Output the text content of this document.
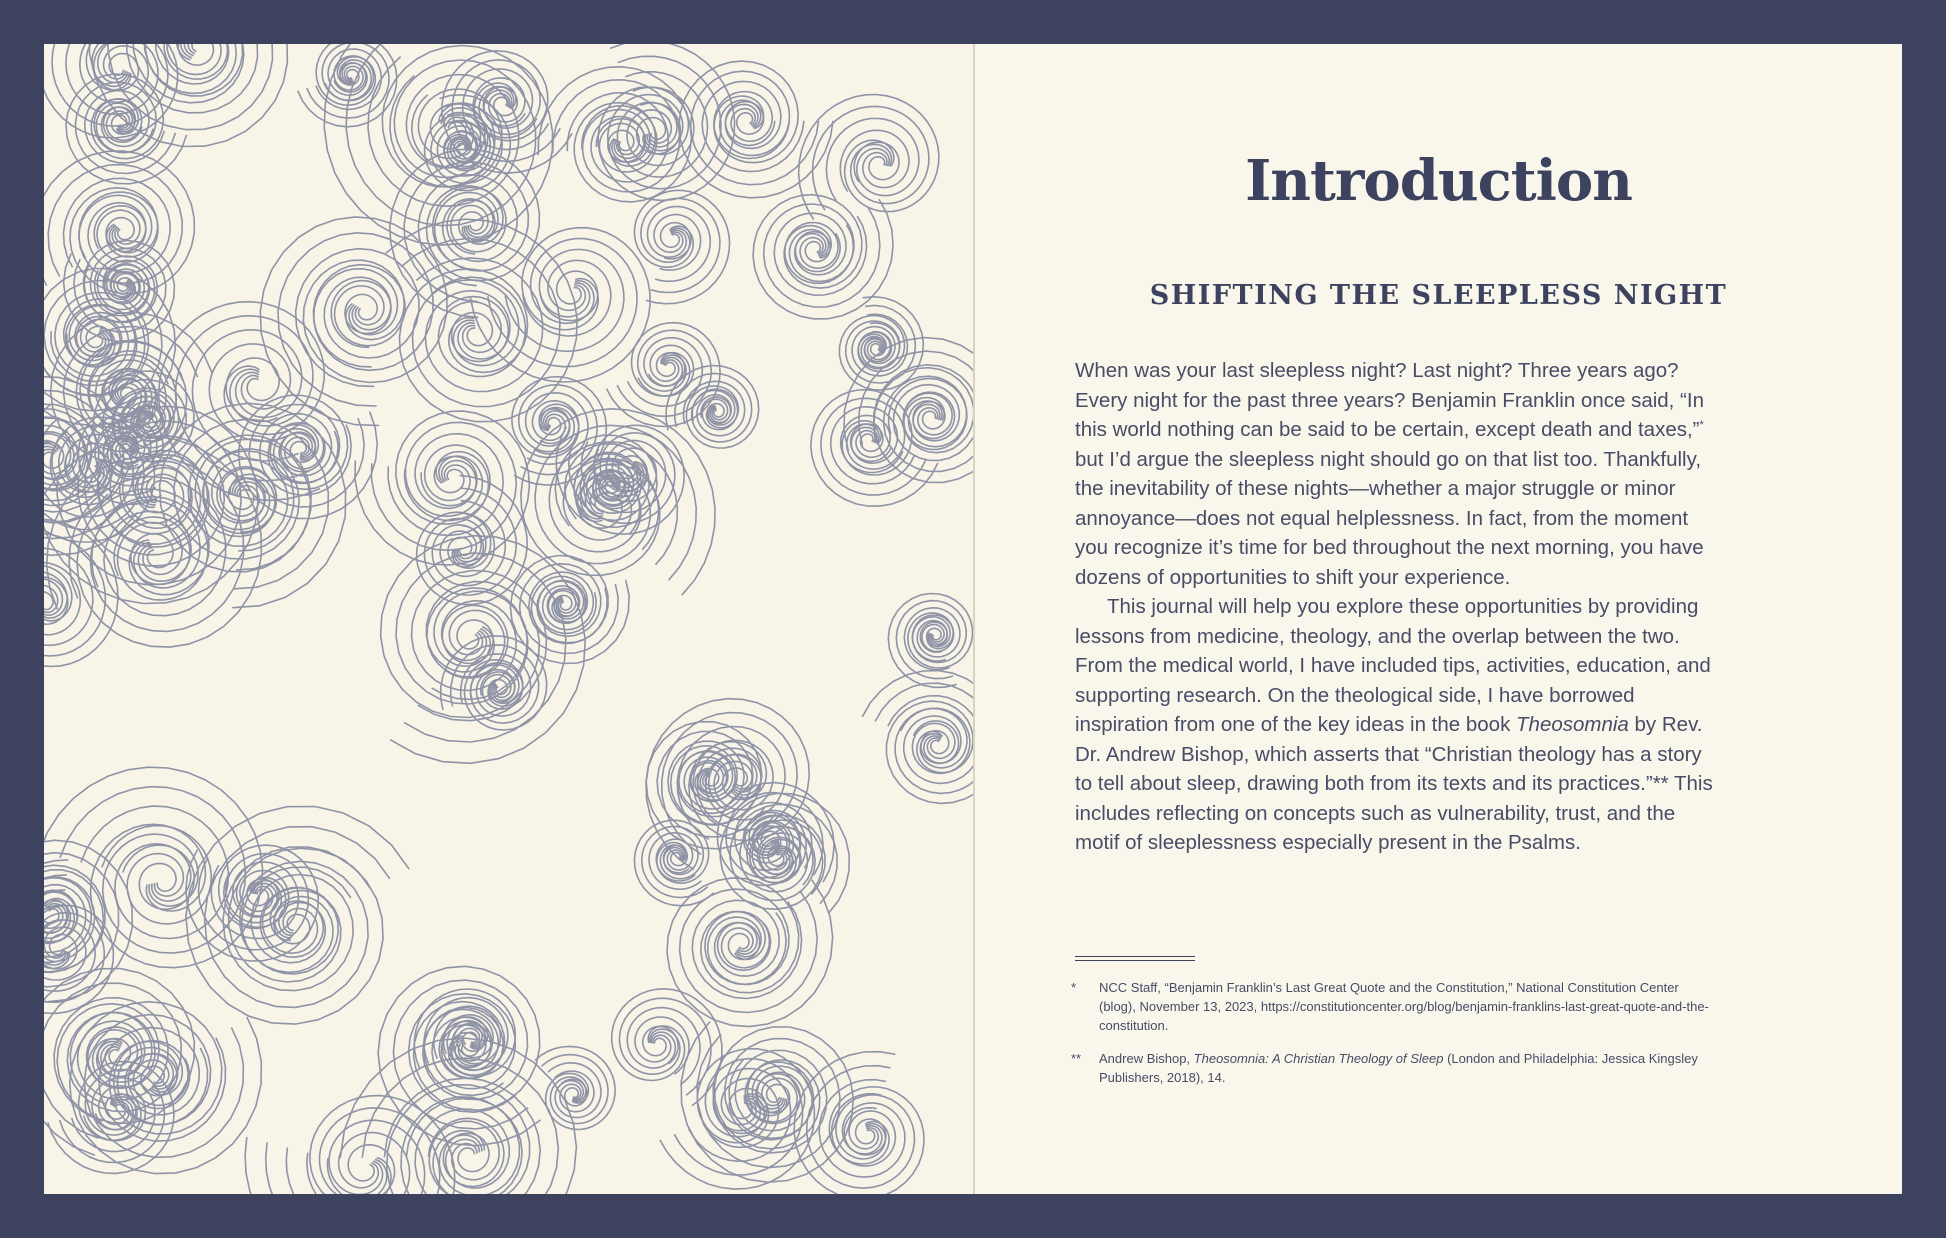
Introduction
SHIFTING THE SLEEPLESS NIGHT

When was your last sleepless night? Last night? Three years ago? Every night for the past three years? Benjamin Franklin once said, “In this world nothing can be said to be certain, except death and taxes,”* but I’d argue the sleepless night should go on that list too. Thankfully, the inevitability of these nights—whether a major struggle or minor annoyance—does not equal helplessness. In fact, from the moment you recognize it’s time for bed throughout the next morning, you have dozens of opportunities to shift your experience.

This journal will help you explore these opportunities by providing lessons from medicine, theology, and the overlap between the two. From the medical world, I have included tips, activities, education, and supporting research. On the theological side, I have borrowed inspiration from one of the key ideas in the book Theosomnia by Rev. Dr. Andrew Bishop, which asserts that “Christian theology has a story to tell about sleep, drawing both from its texts and its practices.”** This includes reflecting on concepts such as vulnerability, trust, and the motif of sleeplessness especially present in the Psalms.

*	NCC Staff, “Benjamin Franklin’s Last Great Quote and the Constitution,” National Constitution Center (blog), November 13, 2023, https://constitutioncenter.org/blog/benjamin-franklins-last-great-quote-and-the-constitution.
**	Andrew Bishop, Theosomnia: A Christian Theology of Sleep (London and Philadelphia: Jessica Kingsley Publishers, 2018), 14.
